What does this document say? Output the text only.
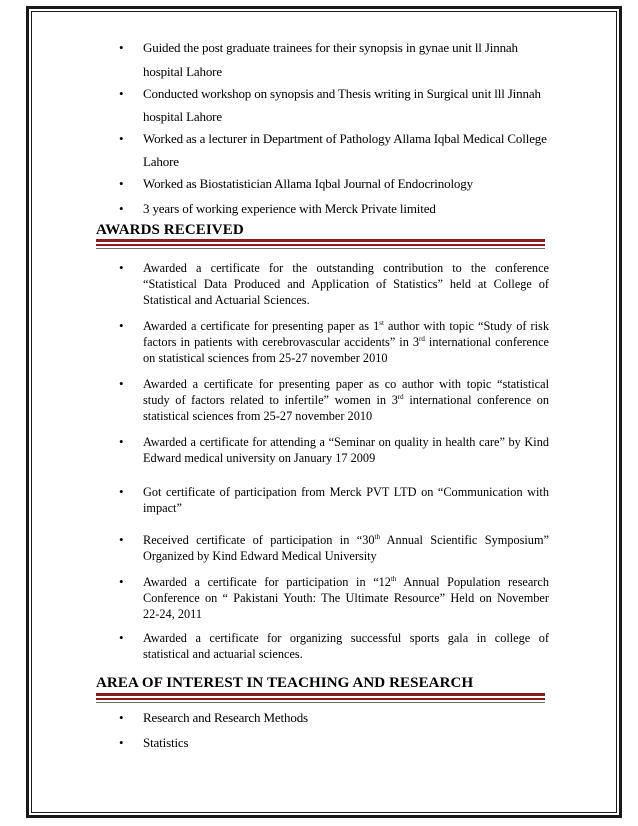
• Guided the post graduate trainees for their synopsis in gynae unit ll Jinnah
hospital Lahore
• Conducted workshop on synopsis and Thesis writing in Surgical unit lll Jinnah
hospital Lahore
• Worked as a lecturer in Department of Pathology Allama Iqbal Medical College
Lahore
• Worked as Biostatistician Allama Iqbal Journal of Endocrinology
• 3 years of working experience with Merck Private limited
AWARDS RECEIVED
• Awarded a certificate for the outstanding contribution to the conference
“Statistical Data Produced and Application of Statistics” held at College of
Statistical and Actuarial Sciences.
• Awarded a certificate for presenting paper as 1st author with topic “Study of risk
factors in patients with cerebrovascular accidents” in 3rd international conference
on statistical sciences from 25-27 november 2010
• Awarded a certificate for presenting paper as co author with topic “statistical
study of factors related to infertile” women in 3rd international conference on
statistical sciences from 25-27 november 2010
• Awarded a certificate for attending a “Seminar on quality in health care” by Kind
Edward medical university on January 17 2009
• Got certificate of participation from Merck PVT LTD on “Communication with
impact”
• Received certificate of participation in “30th Annual Scientific Symposium”
Organized by Kind Edward Medical University
• Awarded a certificate for participation in “12th Annual Population research
Conference on “ Pakistani Youth: The Ultimate Resource” Held on November
22-24, 2011
• Awarded a certificate for organizing successful sports gala in college of
statistical and actuarial sciences.
AREA OF INTEREST IN TEACHING AND RESEARCH
• Research and Research Methods
• Statistics
